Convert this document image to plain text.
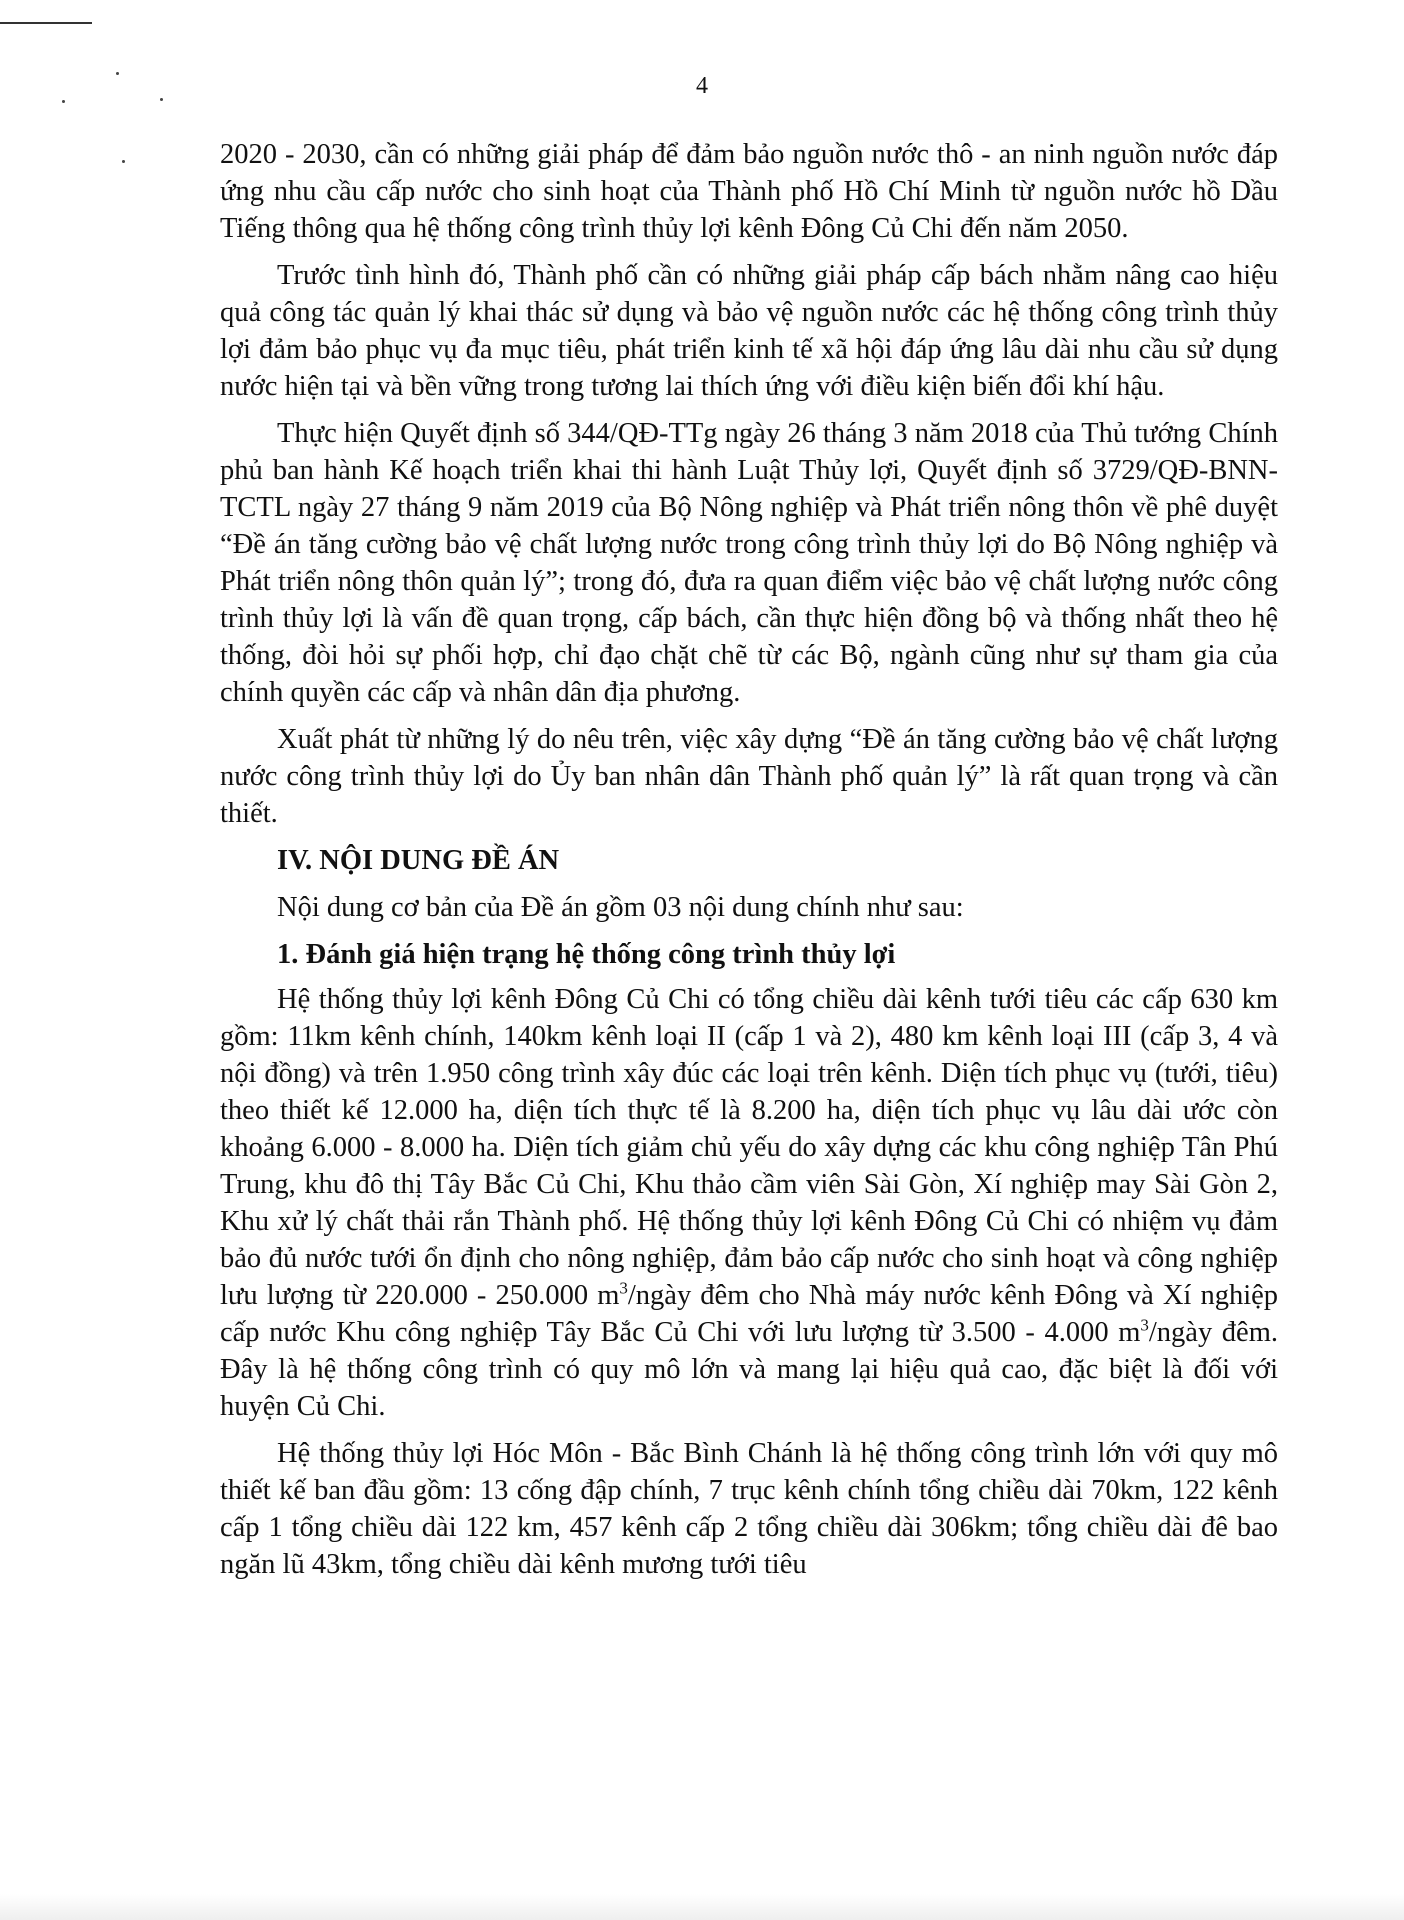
4

2020 - 2030, cần có những giải pháp để đảm bảo nguồn nước thô - an ninh nguồn nước đáp ứng nhu cầu cấp nước cho sinh hoạt của Thành phố Hồ Chí Minh từ nguồn nước hồ Dầu Tiếng thông qua hệ thống công trình thủy lợi kênh Đông Củ Chi đến năm 2050.

Trước tình hình đó, Thành phố cần có những giải pháp cấp bách nhằm nâng cao hiệu quả công tác quản lý khai thác sử dụng và bảo vệ nguồn nước các hệ thống công trình thủy lợi đảm bảo phục vụ đa mục tiêu, phát triển kinh tế xã hội đáp ứng lâu dài nhu cầu sử dụng nước hiện tại và bền vững trong tương lai thích ứng với điều kiện biến đổi khí hậu.

Thực hiện Quyết định số 344/QĐ-TTg ngày 26 tháng 3 năm 2018 của Thủ tướng Chính phủ ban hành Kế hoạch triển khai thi hành Luật Thủy lợi, Quyết định số 3729/QĐ-BNN-TCTL ngày 27 tháng 9 năm 2019 của Bộ Nông nghiệp và Phát triển nông thôn về phê duyệt “Đề án tăng cường bảo vệ chất lượng nước trong công trình thủy lợi do Bộ Nông nghiệp và Phát triển nông thôn quản lý”; trong đó, đưa ra quan điểm việc bảo vệ chất lượng nước công trình thủy lợi là vấn đề quan trọng, cấp bách, cần thực hiện đồng bộ và thống nhất theo hệ thống, đòi hỏi sự phối hợp, chỉ đạo chặt chẽ từ các Bộ, ngành cũng như sự tham gia của chính quyền các cấp và nhân dân địa phương.

Xuất phát từ những lý do nêu trên, việc xây dựng “Đề án tăng cường bảo vệ chất lượng nước công trình thủy lợi do Ủy ban nhân dân Thành phố quản lý” là rất quan trọng và cần thiết.

IV. NỘI DUNG ĐỀ ÁN

Nội dung cơ bản của Đề án gồm 03 nội dung chính như sau:

1. Đánh giá hiện trạng hệ thống công trình thủy lợi

Hệ thống thủy lợi kênh Đông Củ Chi có tổng chiều dài kênh tưới tiêu các cấp 630 km gồm: 11km kênh chính, 140km kênh loại II (cấp 1 và 2), 480 km kênh loại III (cấp 3, 4 và nội đồng) và trên 1.950 công trình xây đúc các loại trên kênh. Diện tích phục vụ (tưới, tiêu) theo thiết kế 12.000 ha, diện tích thực tế là 8.200 ha, diện tích phục vụ lâu dài ước còn khoảng 6.000 - 8.000 ha. Diện tích giảm chủ yếu do xây dựng các khu công nghiệp Tân Phú Trung, khu đô thị Tây Bắc Củ Chi, Khu thảo cầm viên Sài Gòn, Xí nghiệp may Sài Gòn 2, Khu xử lý chất thải rắn Thành phố. Hệ thống thủy lợi kênh Đông Củ Chi có nhiệm vụ đảm bảo đủ nước tưới ổn định cho nông nghiệp, đảm bảo cấp nước cho sinh hoạt và công nghiệp lưu lượng từ 220.000 - 250.000 $m^3$/ngày đêm cho Nhà máy nước kênh Đông và Xí nghiệp cấp nước Khu công nghiệp Tây Bắc Củ Chi với lưu lượng từ 3.500 - 4.000 $m^3$/ngày đêm. Đây là hệ thống công trình có quy mô lớn và mang lại hiệu quả cao, đặc biệt là đối với huyện Củ Chi.

Hệ thống thủy lợi Hóc Môn - Bắc Bình Chánh là hệ thống công trình lớn với quy mô thiết kế ban đầu gồm: 13 cống đập chính, 7 trục kênh chính tổng chiều dài 70km, 122 kênh cấp 1 tổng chiều dài 122 km, 457 kênh cấp 2 tổng chiều dài 306km; tổng chiều dài đê bao ngăn lũ 43km, tổng chiều dài kênh mương tưới tiêu
